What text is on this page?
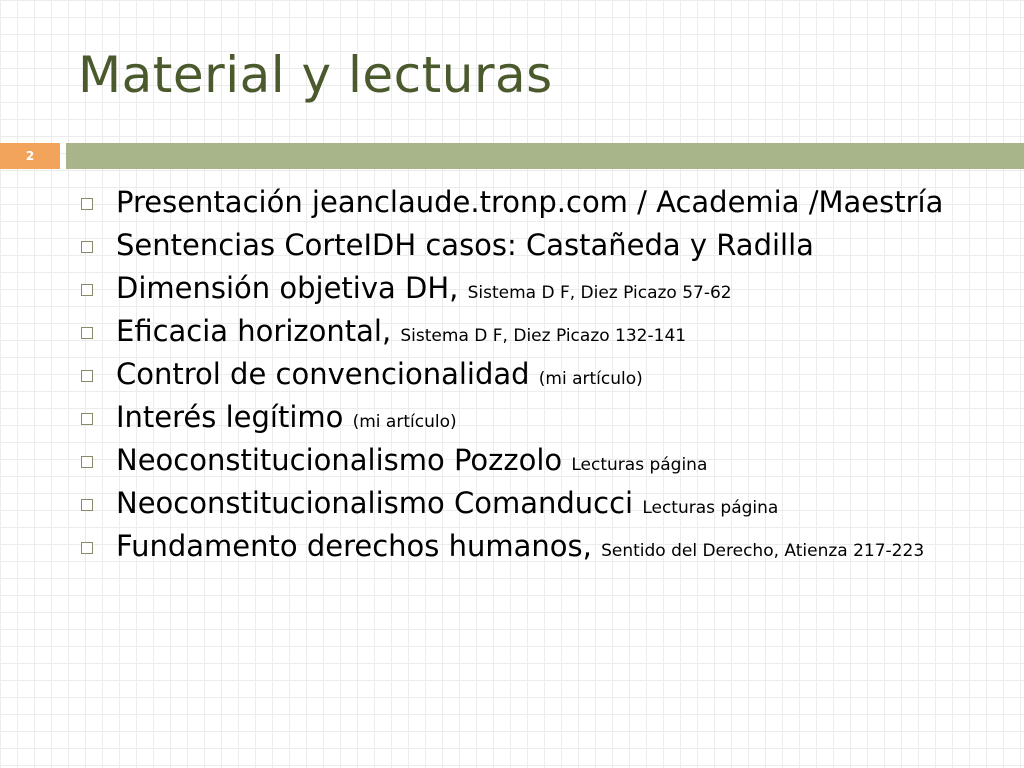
Material y lecturas
2
Presentación jeanclaude.tronp.com / Academia /Maestría
Sentencias CorteIDH casos: Castañeda y Radilla
Dimensión objetiva DH, Sistema D F, Diez Picazo 57-62
Eficacia horizontal, Sistema D F, Diez Picazo 132-141
Control de convencionalidad (mi artículo)
Interés legítimo (mi artículo)
Neoconstitucionalismo Pozzolo Lecturas página
Neoconstitucionalismo Comanducci Lecturas página
Fundamento derechos humanos, Sentido del Derecho, Atienza 217-223
